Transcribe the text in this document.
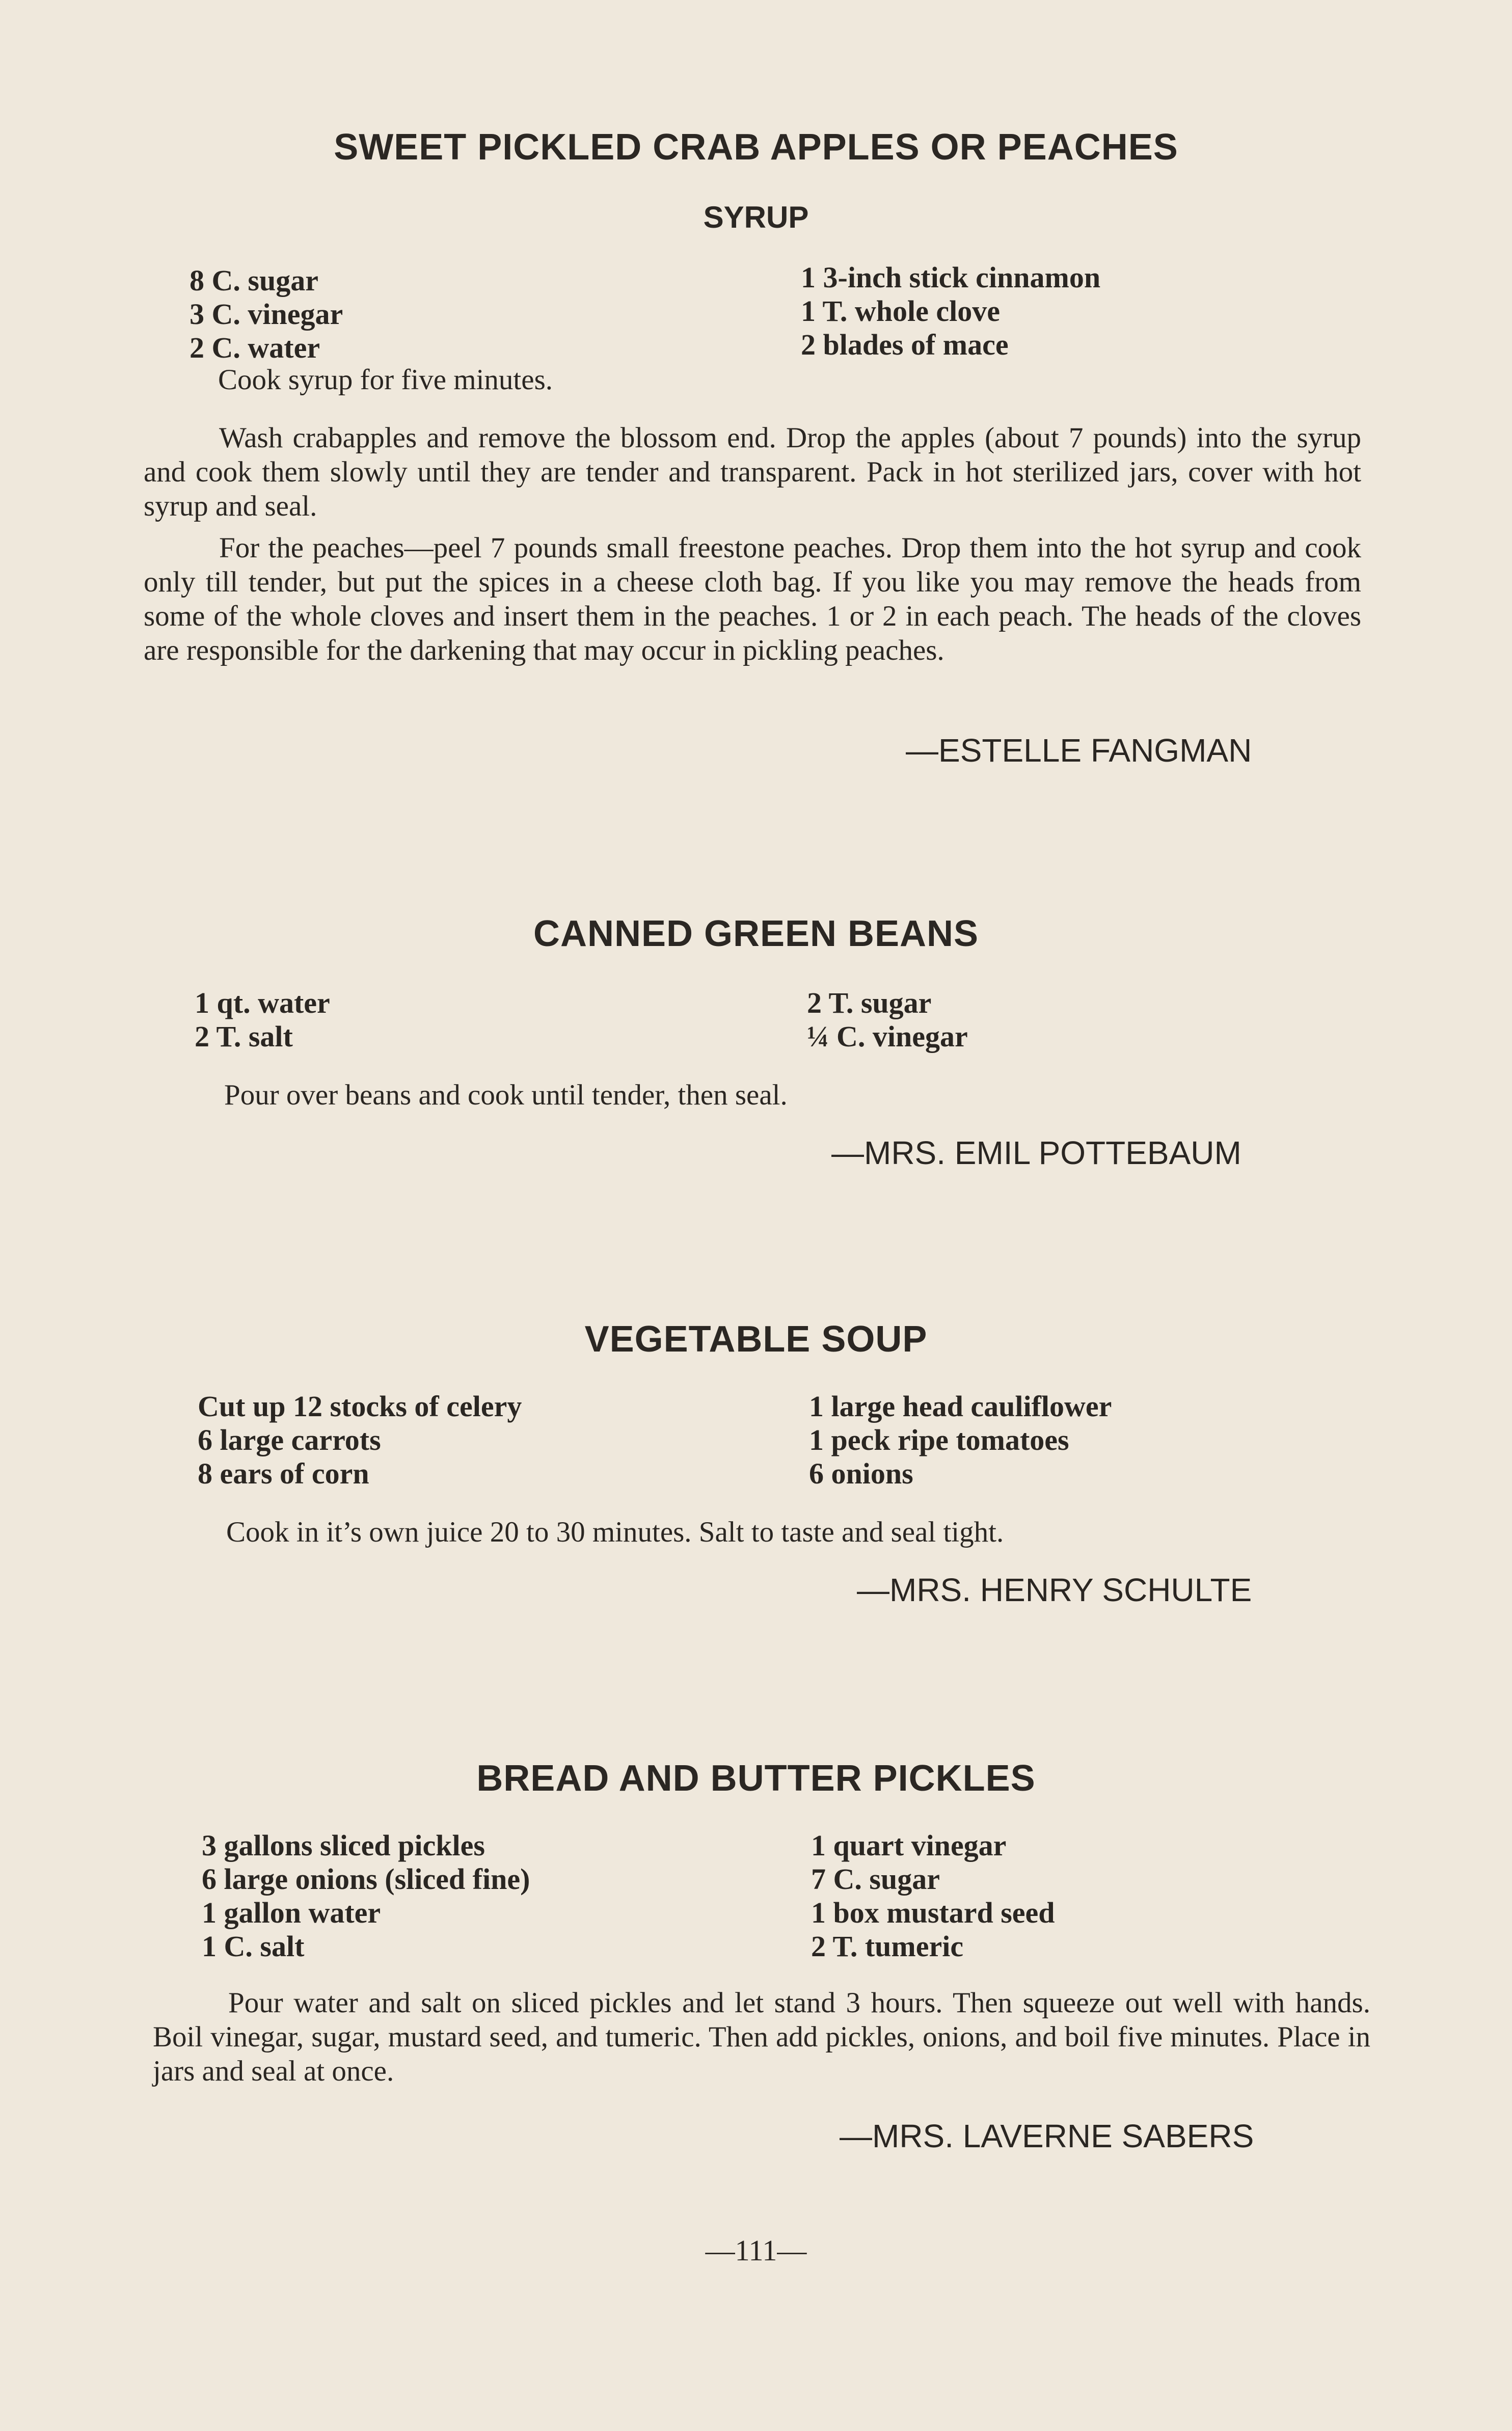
SWEET PICKLED CRAB APPLES OR PEACHES
SYRUP
8 C. sugar
3 C. vinegar
2 C. water
1 3-inch stick cinnamon
1 T. whole clove
2 blades of mace
Cook syrup for five minutes.
Wash crabapples and remove the blossom end. Drop the apples (about 7 pounds) into the syrup and cook them slowly until they are tender and transparent. Pack in hot sterilized jars, cover with hot syrup and seal.
For the peaches—peel 7 pounds small freestone peaches. Drop them into the hot syrup and cook only till tender, but put the spices in a cheese cloth bag. If you like you may remove the heads from some of the whole cloves and insert them in the peaches. 1 or 2 in each peach. The heads of the cloves are responsible for the darkening that may occur in pickling peaches.
—ESTELLE FANGMAN
CANNED GREEN BEANS
1 qt. water
2 T. salt
2 T. sugar
¼ C. vinegar
Pour over beans and cook until tender, then seal.
—MRS. EMIL POTTEBAUM
VEGETABLE SOUP
Cut up 12 stocks of celery
6 large carrots
8 ears of corn
1 large head cauliflower
1 peck ripe tomatoes
6 onions
Cook in it’s own juice 20 to 30 minutes. Salt to taste and seal tight.
—MRS. HENRY SCHULTE
BREAD AND BUTTER PICKLES
3 gallons sliced pickles
6 large onions (sliced fine)
1 gallon water
1 C. salt
1 quart vinegar
7 C. sugar
1 box mustard seed
2 T. tumeric
Pour water and salt on sliced pickles and let stand 3 hours. Then squeeze out well with hands. Boil vinegar, sugar, mustard seed, and tumeric. Then add pickles, onions, and boil five minutes. Place in jars and seal at once.
—MRS. LAVERNE SABERS
—111—
